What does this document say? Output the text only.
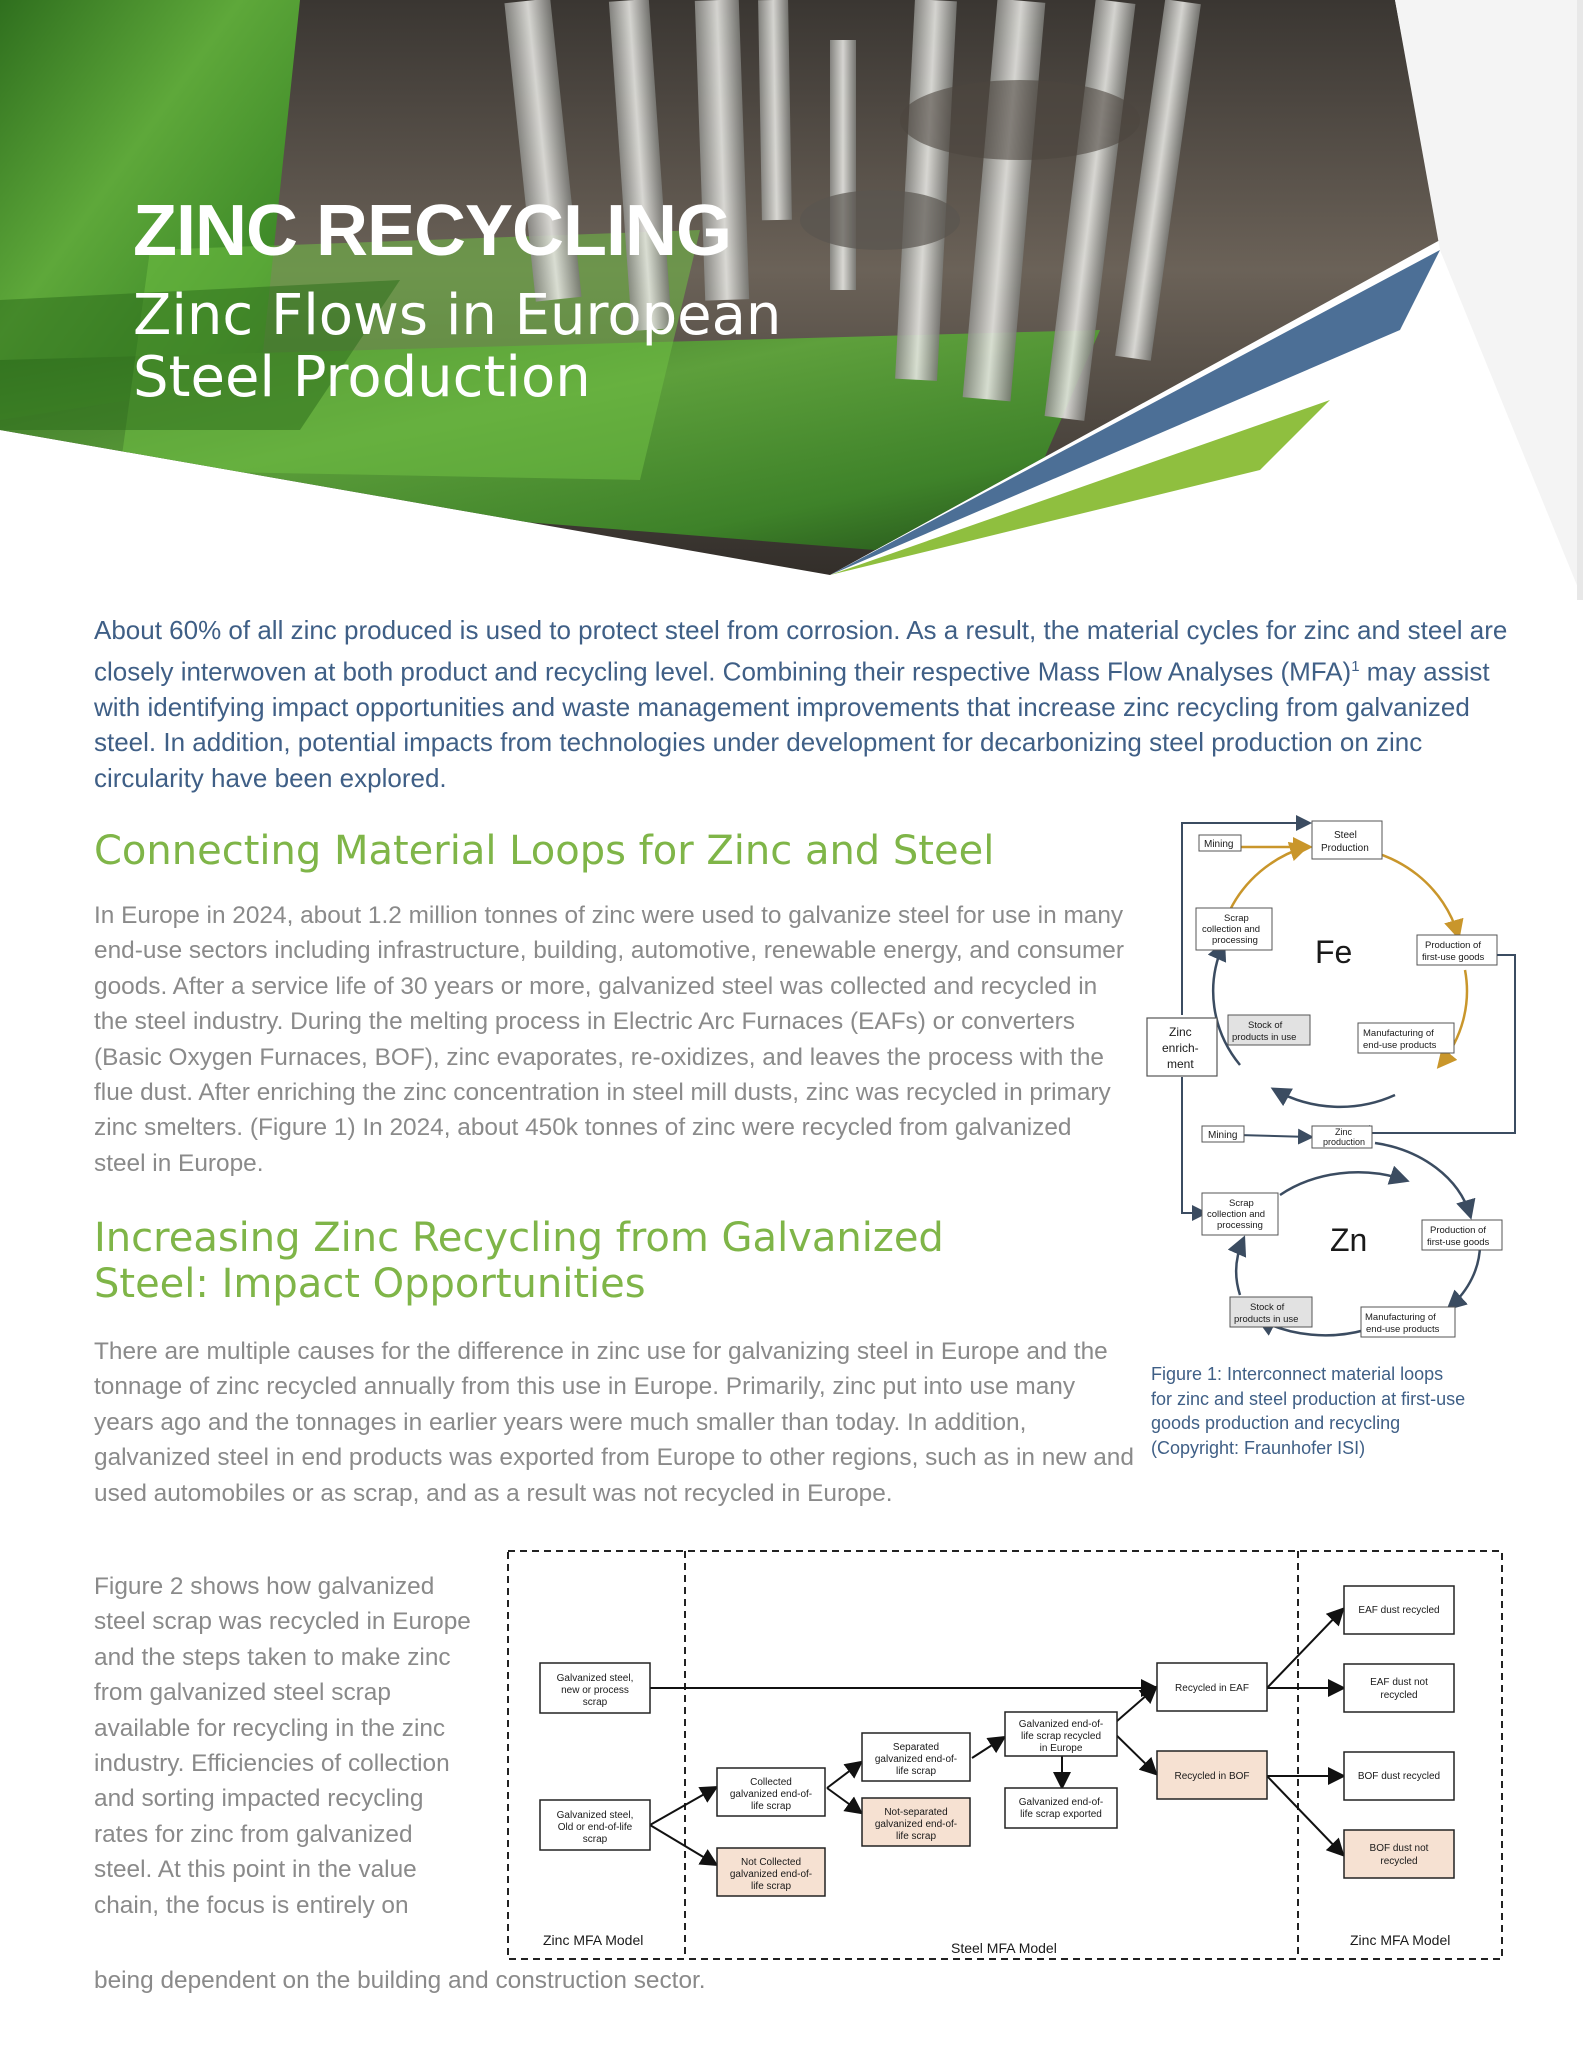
ZINC RECYCLING
Zinc Flows in European
Steel Production

About 60% of all zinc produced is used to protect steel from corrosion. As a result, the material cycles for zinc and steel are closely interwoven at both product and recycling level. Combining their respective Mass Flow Analyses (MFA)$^1$ may assist with identifying impact opportunities and waste management improvements that increase zinc recycling from galvanized steel. In addition, potential impacts from technologies under development for decarbonizing steel production on zinc circularity have been explored.

Connecting Material Loops for Zinc and Steel

In Europe in 2024, about 1.2 million tonnes of zinc were used to galvanize steel for use in many end-use sectors including infrastructure, building, automotive, renewable energy, and consumer goods. After a service life of 30 years or more, galvanized steel was collected and recycled in the steel industry. During the melting process in Electric Arc Furnaces (EAFs) or converters (Basic Oxygen Furnaces, BOF), zinc evaporates, re-oxidizes, and leaves the process with the flue dust. After enriching the zinc concentration in steel mill dusts, zinc was recycled in primary zinc smelters. (Figure 1) In 2024, about 450k tonnes of zinc were recycled from galvanized steel in Europe.

Fe
Mining
Steel
Production
Scrap
collection and
processing	Production of
first-use goods
Stock of
products in use	Manufacturing of
end-use products
Zinc
enrich-
ment
Zn
Mining	Zinc
production
Scrap
collection and
processing	Production of
first-use goods
Stock of
products in use	Manufacturing of
end-use products

Figure 1: Interconnect material loops
for zinc and steel production at first-use
goods production and recycling
(Copyright: Fraunhofer ISI)

Increasing Zinc Recycling from Galvanized
Steel: Impact Opportunities

There are multiple causes for the difference in zinc use for galvanizing steel in Europe and the tonnage of zinc recycled annually from this use in Europe. Primarily, zinc put into use many years ago and the tonnages in earlier years were much smaller than today. In addition, galvanized steel in end products was exported from Europe to other regions, such as in new and used automobiles or as scrap, and as a result was not recycled in Europe.

Figure 2 shows how galvanized steel scrap was recycled in Europe and the steps taken to make zinc from galvanized steel scrap available for recycling in the zinc industry. Efficiencies of collection and sorting impacted recycling rates for zinc from galvanized steel. At this point in the value chain, the focus is entirely on

being dependent on the building and construction sector.

Zinc MFA Model	Steel MFA Model	Zinc MFA Model
Galvanized steel,
new or process
scrap
Galvanized steel,
Old or end-of-life
scrap
Collected
galvanized end-of-
life scrap
Not Collected
galvanized end-of-
life scrap
Separated
galvanized end-of-
life scrap
Not-separated
galvanized end-of-
life scrap
Galvanized end-of-
life scrap recycled
in Europe
Galvanized end-of-
life scrap exported
Recycled in EAF
Recycled in BOF
EAF dust recycled
EAF dust not
recycled
BOF dust recycled
BOF dust not
recycled
